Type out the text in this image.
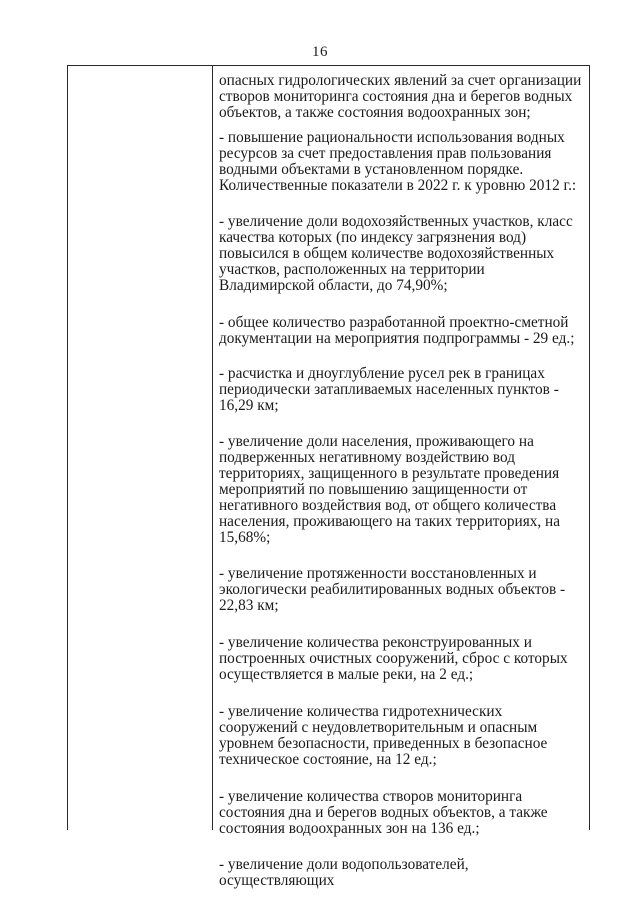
16

опасных гидрологических явлений за счет организации створов мониторинга состояния дна и берегов водных объектов, а также состояния водоохранных зон;

- повышение рациональности использования водных ресурсов за счет предоставления прав пользования водными объектами в установленном порядке. Количественные показатели в 2022 г. к уровню 2012 г.:

- увеличение доли водохозяйственных участков, класс качества которых (по индексу загрязнения вод) повысился в общем количестве водохозяйственных участков, расположенных на территории Владимирской области, до 74,90%;

- общее количество разработанной проектно-сметной документации на мероприятия подпрограммы - 29 ед.;

- расчистка и дноуглубление русел рек в границах периодически затапливаемых населенных пунктов - 16,29 км;

- увеличение доли населения, проживающего на подверженных негативному воздействию вод территориях, защищенного в результате проведения мероприятий по повышению защищенности от негативного воздействия вод, от общего количества населения, проживающего на таких территориях, на 15,68%;

- увеличение протяженности восстановленных и экологически реабилитированных водных объектов - 22,83 км;

- увеличение количества реконструированных и построенных очистных сооружений, сброс с которых осуществляется в малые реки, на 2 ед.;

- увеличение количества гидротехнических сооружений с неудовлетворительным и опасным уровнем безопасности, приведенных в безопасное техническое состояние, на 12 ед.;

- увеличение количества створов мониторинга состояния дна и берегов водных объектов, а также состояния водоохранных зон на 136 ед.;

- увеличение доли водопользователей, осуществляющих
